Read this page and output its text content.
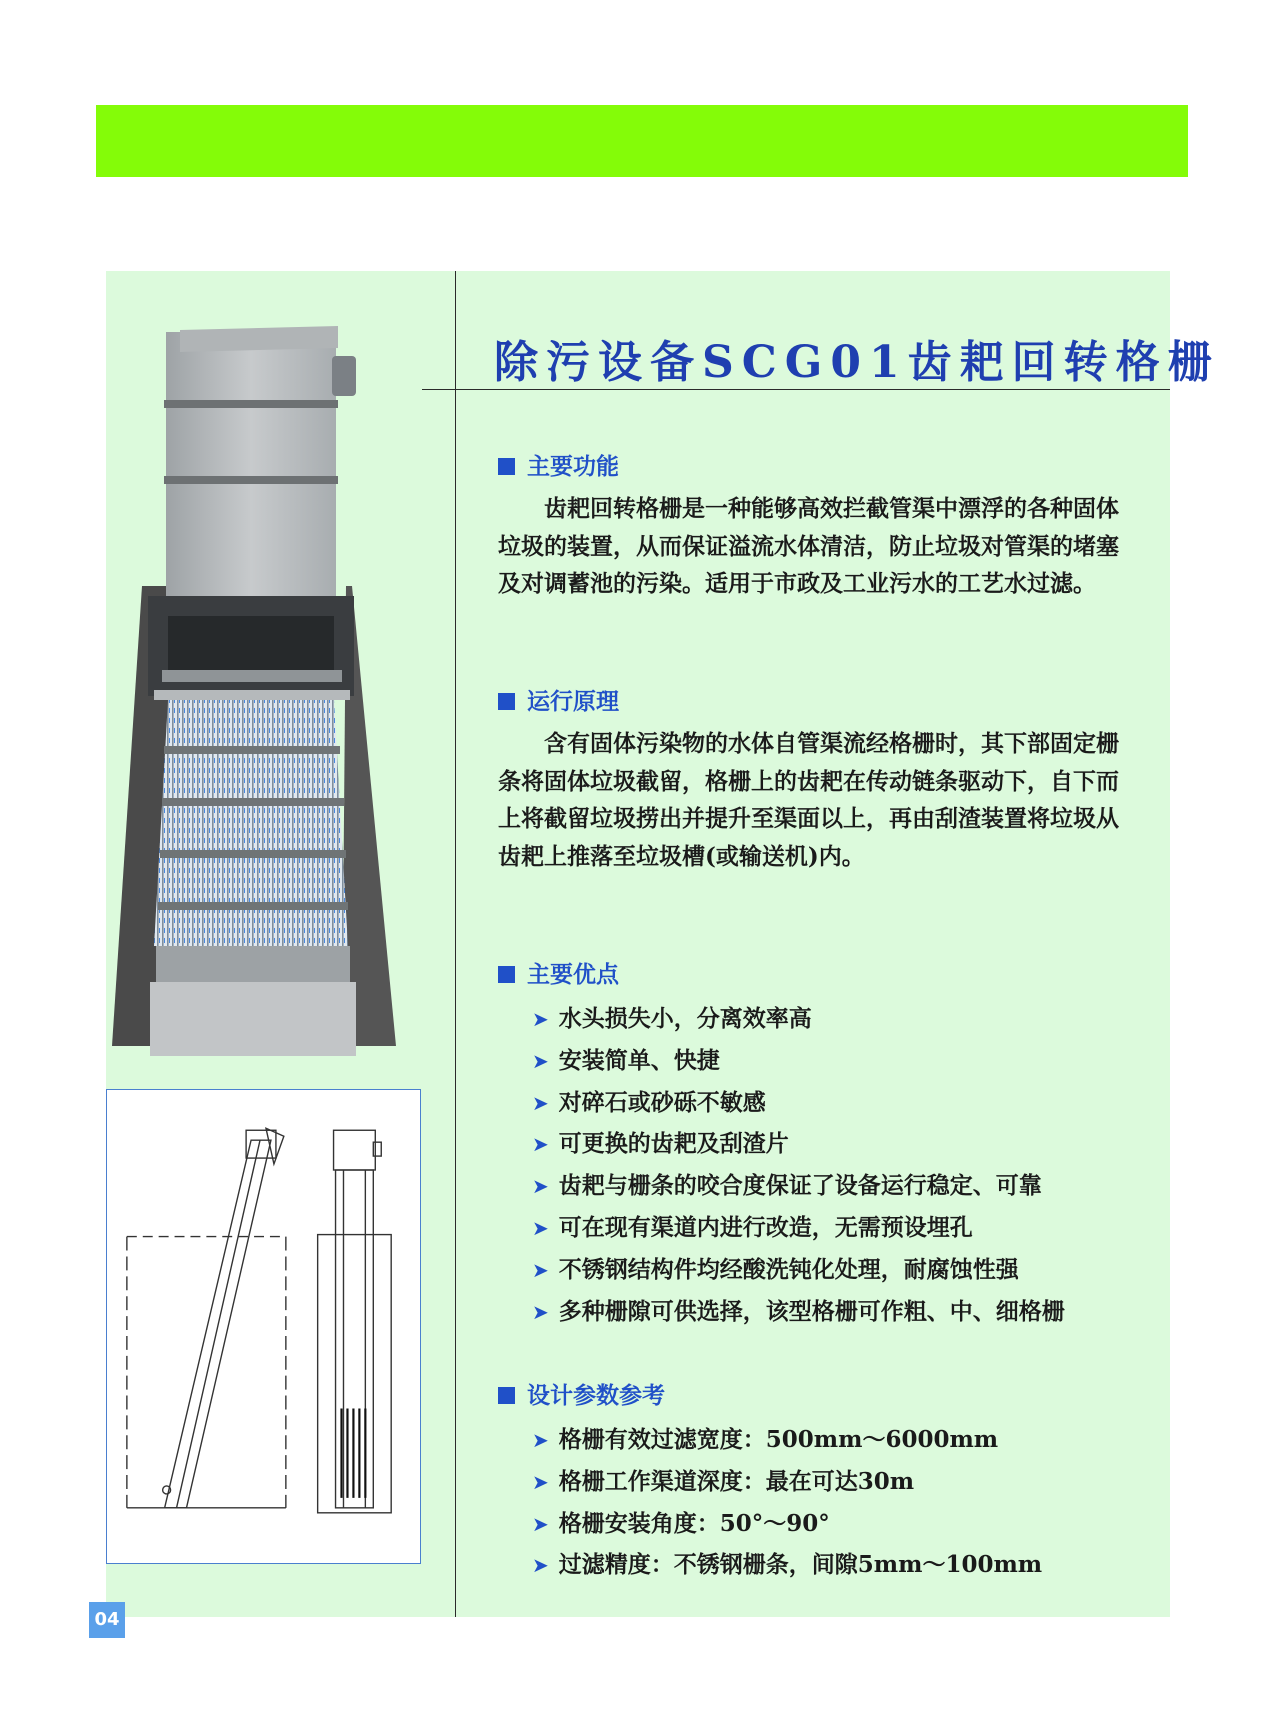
除污设备SCG01齿耙回转格栅
主要功能

齿耙回转格栅是一种能够高效拦截管渠中漂浮的各种固体垃圾的装置，从而保证溢流水体清洁，防止垃圾对管渠的堵塞及对调蓄池的污染。适用于市政及工业污水的工艺水过滤。

运行原理

含有固体污染物的水体自管渠流经格栅时，其下部固定栅条将固体垃圾截留，格栅上的齿耙在传动链条驱动下，自下而上将截留垃圾捞出并提升至渠面以上，再由刮渣装置将垃圾从齿耙上推落至垃圾槽(或输送机)内。

主要优点
➤ 水头损失小，分离效率高
➤ 安装简单、快捷
➤ 对碎石或砂砾不敏感
➤ 可更换的齿耙及刮渣片
➤ 齿耙与栅条的咬合度保证了设备运行稳定、可靠
➤ 可在现有渠道内进行改造，无需预设埋孔
➤ 不锈钢结构件均经酸洗钝化处理，耐腐蚀性强
➤ 多种栅隙可供选择，该型格栅可作粗、中、细格栅
设计参数参考
➤ 格栅有效过滤宽度：500mm～6000mm
➤ 格栅工作渠道深度：最在可达30m
➤ 格栅安装角度：50°～90°
➤ 过滤精度：不锈钢栅条，间隙5mm～100mm
04
